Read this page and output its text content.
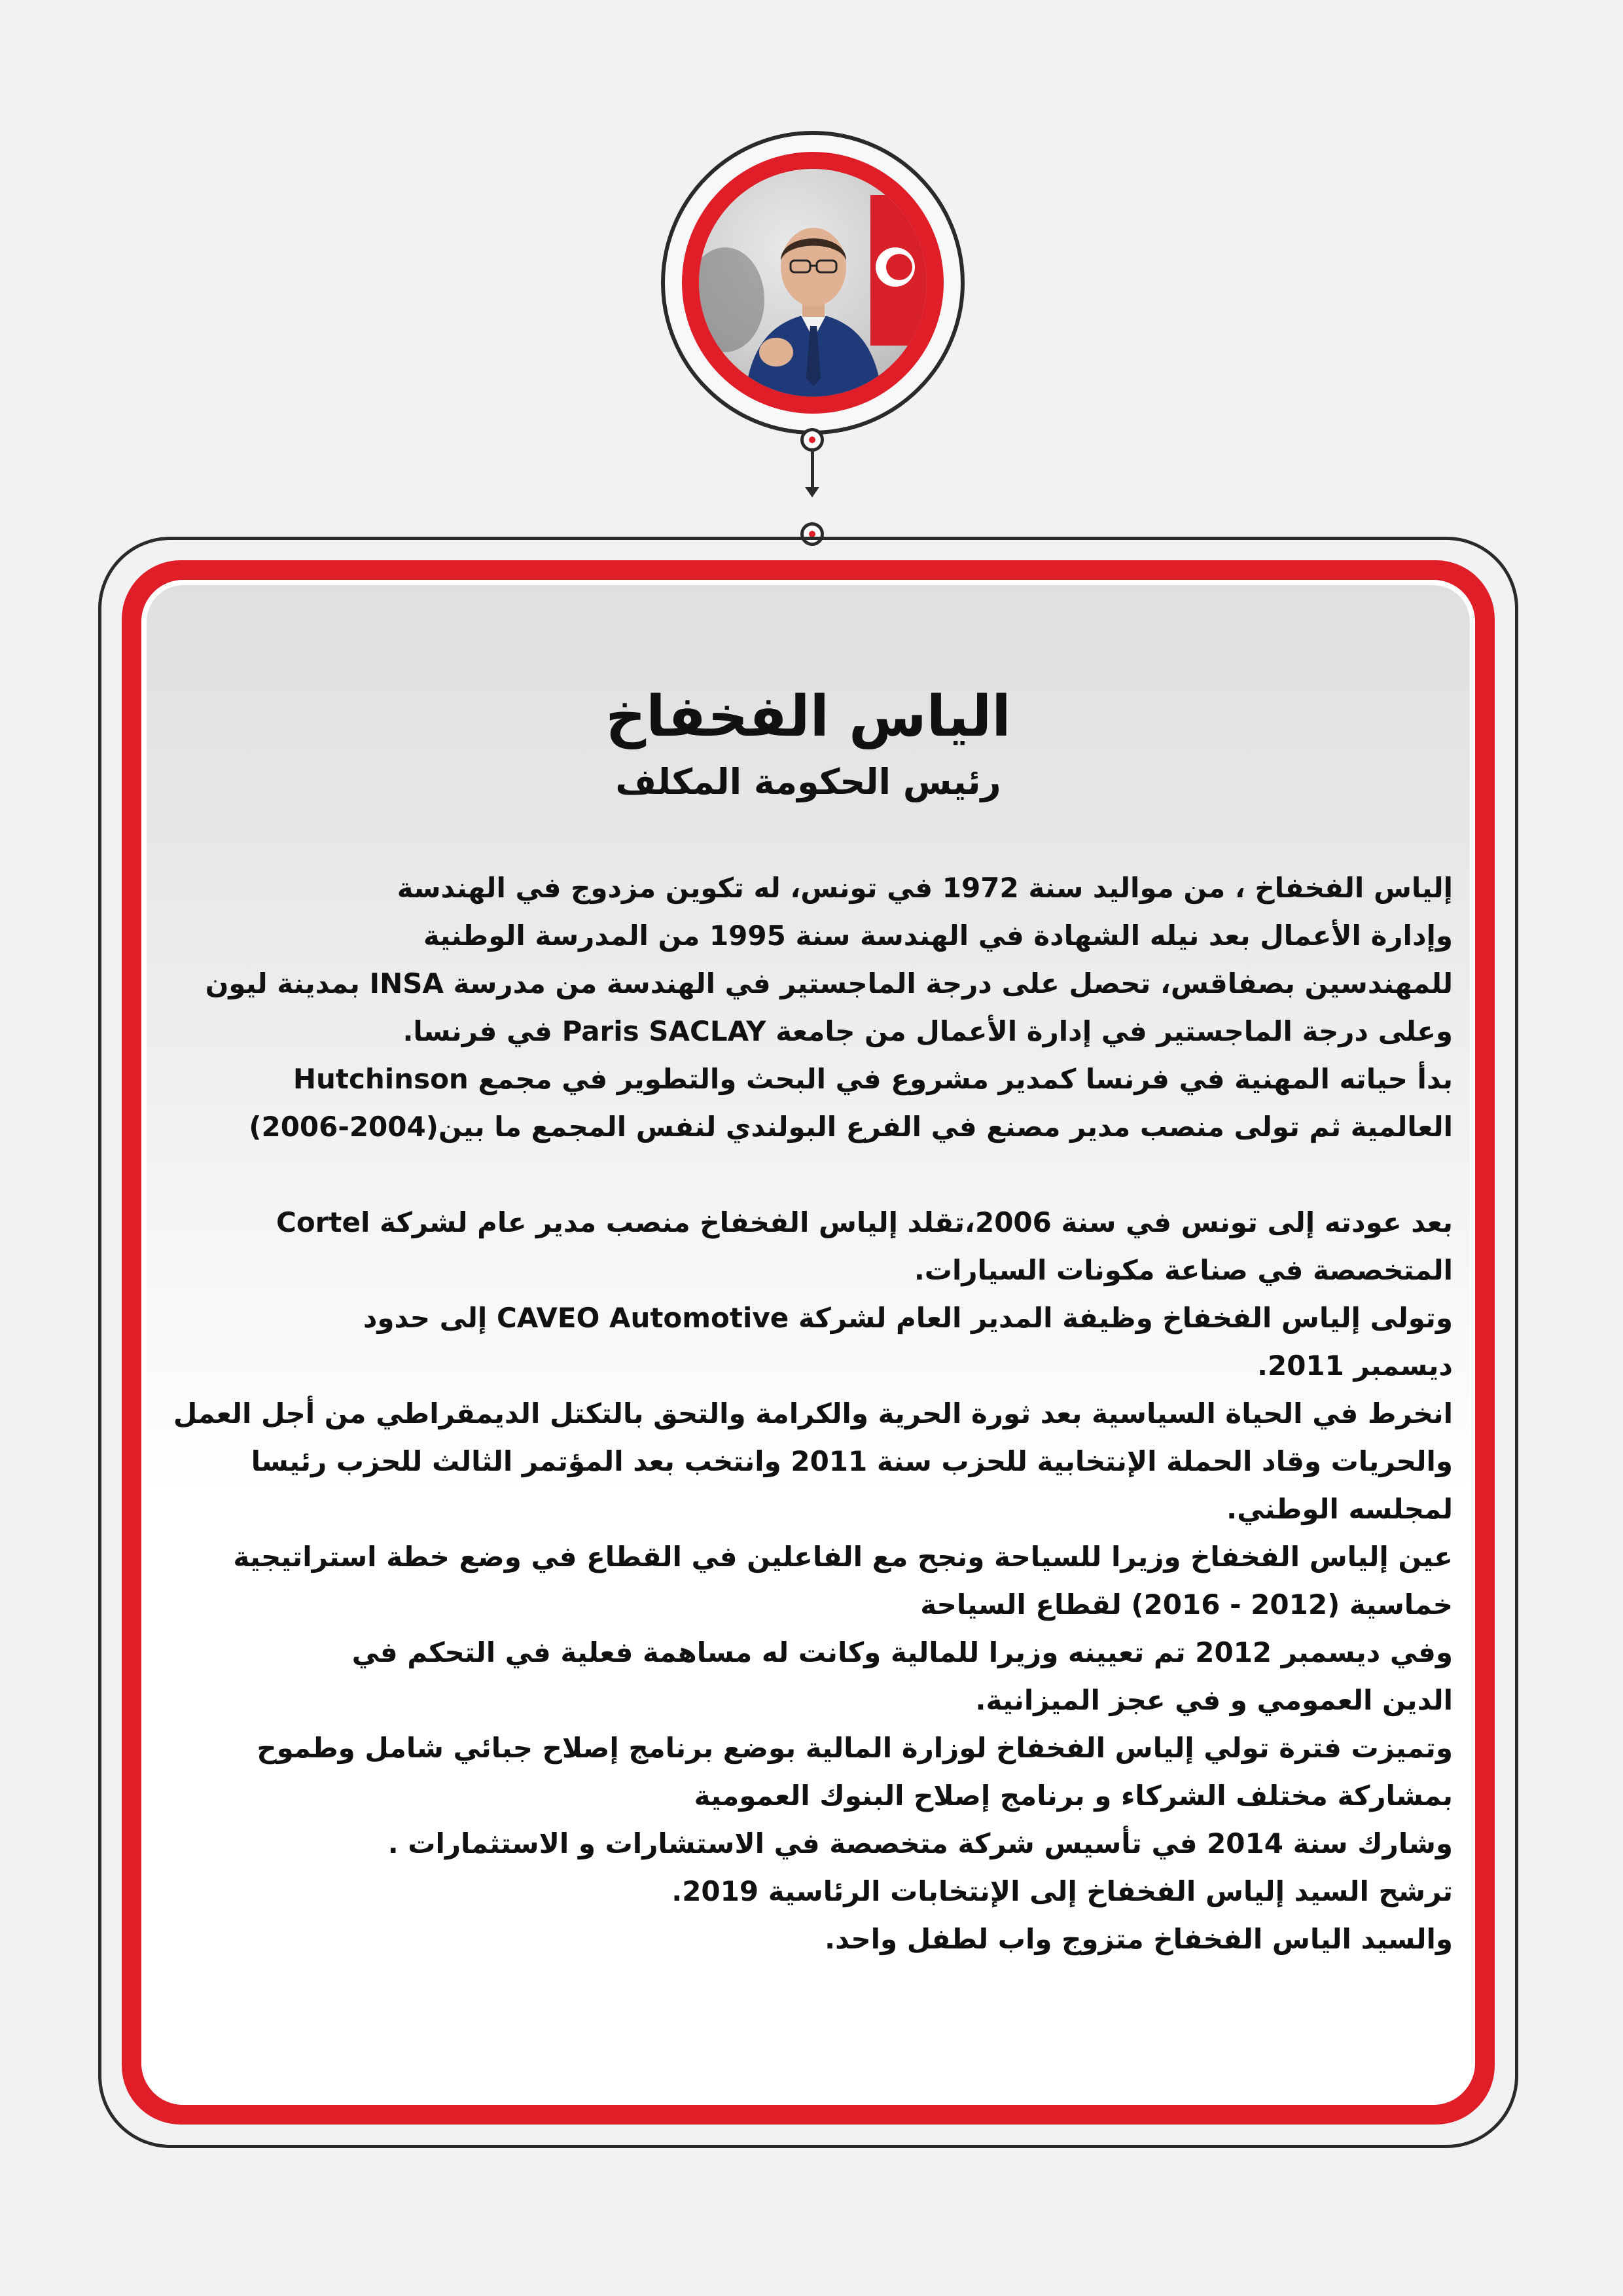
الياس الفخفاخ
رئيس الحكومة المكلف

إلياس الفخفاخ ، من مواليد سنة 1972 في تونس، له تكوين مزدوج في الهندسة

وإدارة الأعمال بعد نيله الشهادة في الهندسة سنة 1995 من المدرسة الوطنية

للمهندسين بصفاقس، تحصل على درجة الماجستير في الهندسة من مدرسة INSA بمدينة ليون

وعلى درجة الماجستير في إدارة الأعمال من جامعة Paris SACLAY في فرنسا.

بدأ حياته المهنية في فرنسا كمدير مشروع في البحث والتطوير في مجمع Hutchinson

العالمية ثم تولى منصب مدير مصنع في الفرع البولندي لنفس المجمع ما بين(2004-2006)

بعد عودته إلى تونس في سنة 2006،تقلد إلياس الفخفاخ منصب مدير عام لشركة Cortel

المتخصصة في صناعة مكونات السيارات.

وتولى إلياس الفخفاخ وظيفة المدير العام لشركة CAVEO Automotive إلى حدود

ديسمبر 2011.

انخرط في الحياة السياسية بعد ثورة الحرية والكرامة والتحق بالتكتل الديمقراطي من أجل العمل

والحريات وقاد الحملة الإنتخابية للحزب سنة 2011 وانتخب بعد المؤتمر الثالث للحزب رئيسا

لمجلسه الوطني.

عين إلياس الفخفاخ وزيرا للسياحة ونجح مع الفاعلين في القطاع في وضع خطة استراتيجية

خماسية (2012 - 2016) لقطاع السياحة

وفي ديسمبر 2012 تم تعيينه وزيرا للمالية وكانت له مساهمة فعلية في التحكم في

الدين العمومي و في عجز الميزانية.

وتميزت فترة تولي إلياس الفخفاخ لوزارة المالية بوضع برنامج إصلاح جبائي شامل وطموح

بمشاركة مختلف الشركاء و برنامج إصلاح البنوك العمومية

وشارك سنة 2014 في تأسيس شركة متخصصة في الاستشارات و الاستثمارات .

ترشح السيد إلياس الفخفاخ إلى الإنتخابات الرئاسية 2019.

والسيد الياس الفخفاخ متزوج واب لطفل واحد.
